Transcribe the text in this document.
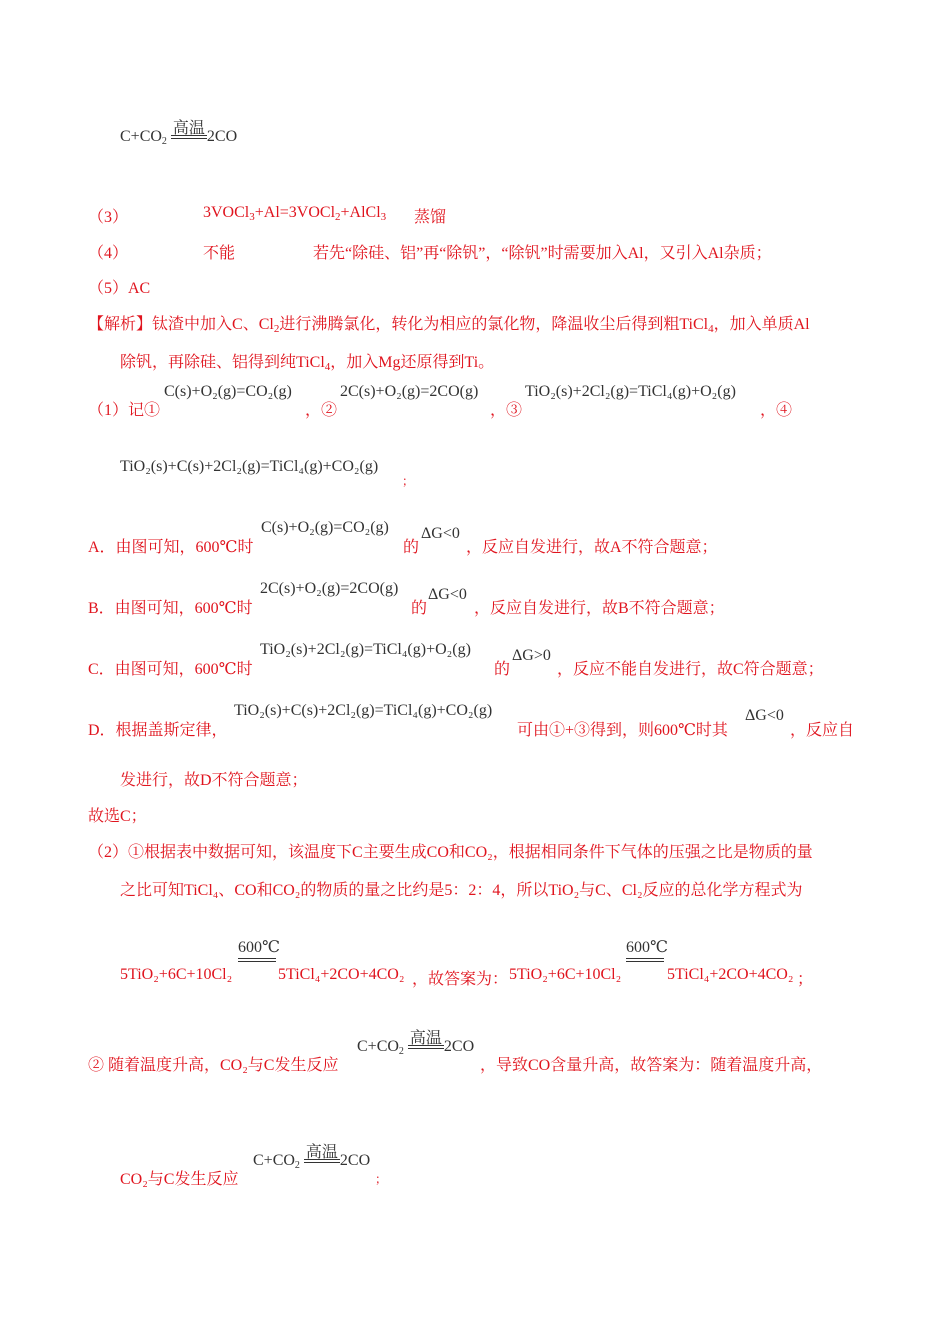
$C+CO_2$
高温 2CO
（3）	3VOCl$_3$+Al=3VOCl$_2$+AlCl$_3$ 蒸馏
（4）	不能	若先“除硅、铝”再“除钒”，“除钒”时需要加入Al，又引入Al杂质；
（5）AC
【解析】钛渣中加入C、$Cl_2$进行沸腾氯化，转化为相应的氯化物，降温收尘后得到粗TiCl$_4$，加入单质Al
除钒，再除硅、铝得到纯TiCl$_4$，加入Mg还原得到Ti。
（1）记①
C(s)+O₂(g)=CO₂(g)
，②
2C(s)+O₂(g)=2CO(g)
，③
TiO₂(s)+2Cl₂(g)=TiCl₄(g)+O₂(g)
，④
TiO₂(s)+C(s)+2Cl₂(g)=TiCl₄(g)+CO₂(g)
；
A．由图可知，600℃时
C(s)+O₂(g)=CO₂(g)
的
ΔG<0
，反应自发进行，故A不符合题意；
B．由图可知，600℃时
2C(s)+O₂(g)=2CO(g)
的
ΔG<0
，反应自发进行，故B不符合题意；
C．由图可知，600℃时
TiO₂(s)+2Cl₂(g)=TiCl₄(g)+O₂(g)
的
ΔG>0
，反应不能自发进行，故C符合题意；
D．根据盖斯定律，
TiO₂(s)+C(s)+2Cl₂(g)=TiCl₄(g)+CO₂(g)
可由①+③得到，则600℃时其
ΔG<0
，反应自
发进行，故D不符合题意；
故选C；
（2）①根据表中数据可知，该温度下C主要生成CO和CO₂，根据相同条件下气体的压强之比是物质的量
之比可知TiCl₄、CO和CO₂的物质的量之比约是5：2：4，所以TiO₂与C、Cl₂反应的总化学方程式为
5TiO₂+6C+10Cl₂
600℃
5TiCl₄+2CO+4CO₂ ，故答案为： 5TiO₂+6C+10Cl₂
600℃
5TiCl₄+2CO+4CO₂ ；
② 随着温度升高，CO₂与C发生反应
$C+CO_2$
高温 2CO
，导致CO含量升高，故答案为：随着温度升高，
CO₂与C发生反应
$C+CO_2$
高温 2CO
；
